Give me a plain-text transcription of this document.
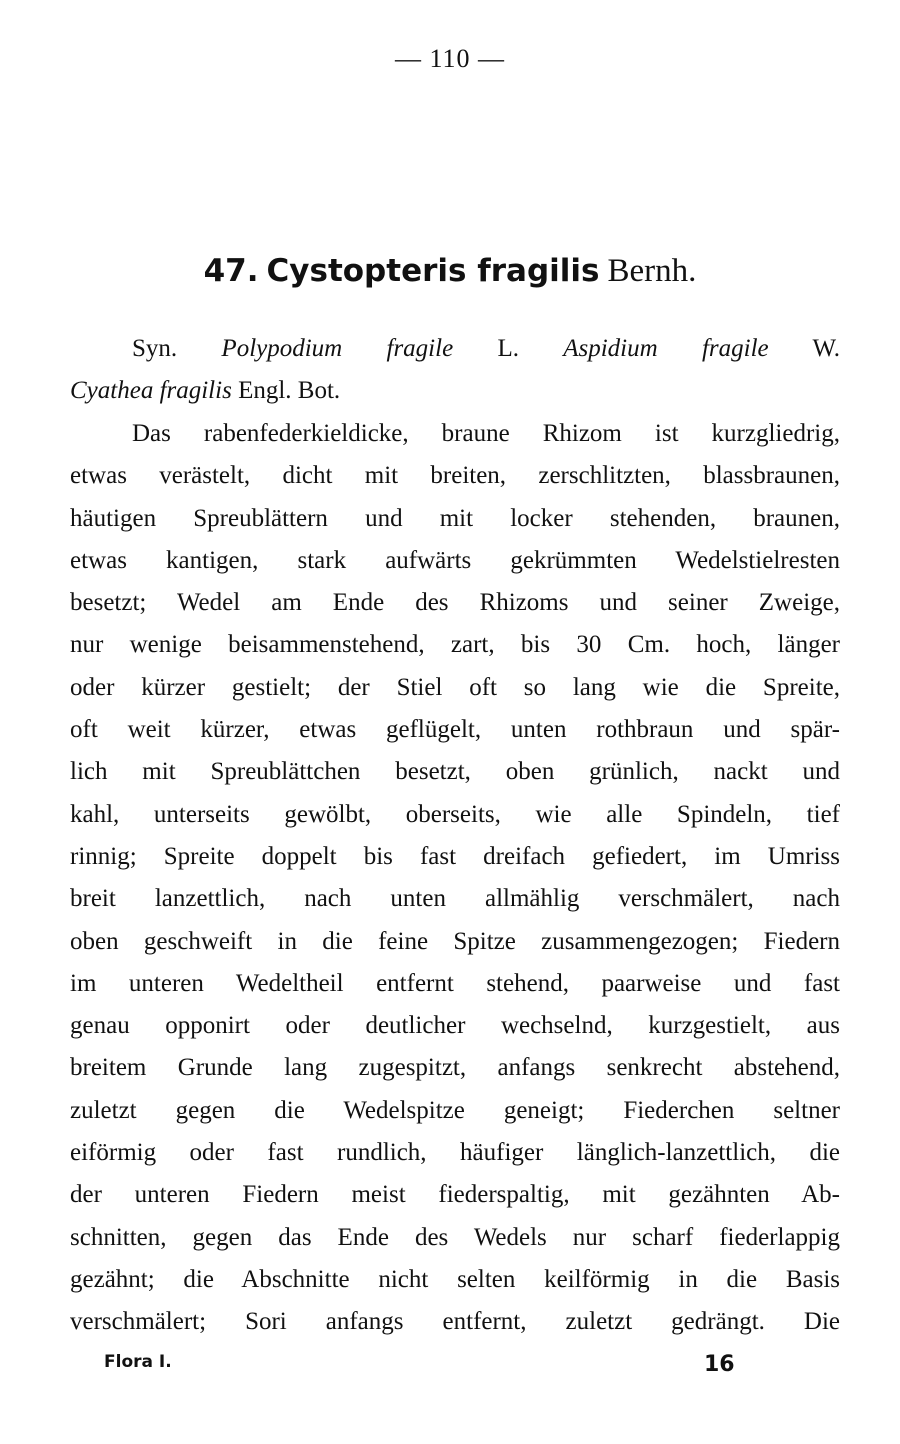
— 110 —
47. Cystopteris fragilis Bernh.
Syn. Polypodium fragile L. Aspidium fragile W.
Cyathea fragilis Engl. Bot.
Das rabenfederkieldicke, braune Rhizom ist kurzgliedrig,
etwas verästelt, dicht mit breiten, zerschlitzten, blassbraunen,
häutigen Spreublättern und mit locker stehenden, braunen,
etwas kantigen, stark aufwärts gekrümmten Wedelstielresten
besetzt; Wedel am Ende des Rhizoms und seiner Zweige,
nur wenige beisammenstehend, zart, bis 30 Cm. hoch, länger
oder kürzer gestielt; der Stiel oft so lang wie die Spreite,
oft weit kürzer, etwas geflügelt, unten rothbraun und spär-
lich mit Spreublättchen besetzt, oben grünlich, nackt und
kahl, unterseits gewölbt, oberseits, wie alle Spindeln, tief
rinnig; Spreite doppelt bis fast dreifach gefiedert, im Umriss
breit lanzettlich, nach unten allmählig verschmälert, nach
oben geschweift in die feine Spitze zusammengezogen; Fiedern
im unteren Wedeltheil entfernt stehend, paarweise und fast
genau opponirt oder deutlicher wechselnd, kurzgestielt, aus
breitem Grunde lang zugespitzt, anfangs senkrecht abstehend,
zuletzt gegen die Wedelspitze geneigt; Fiederchen seltner
eiförmig oder fast rundlich, häufiger länglich-lanzettlich, die
der unteren Fiedern meist fiederspaltig, mit gezähnten Ab-
schnitten, gegen das Ende des Wedels nur scharf fiederlappig
gezähnt; die Abschnitte nicht selten keilförmig in die Basis
verschmälert; Sori anfangs entfernt, zuletzt gedrängt. Die
Flora I.	16
